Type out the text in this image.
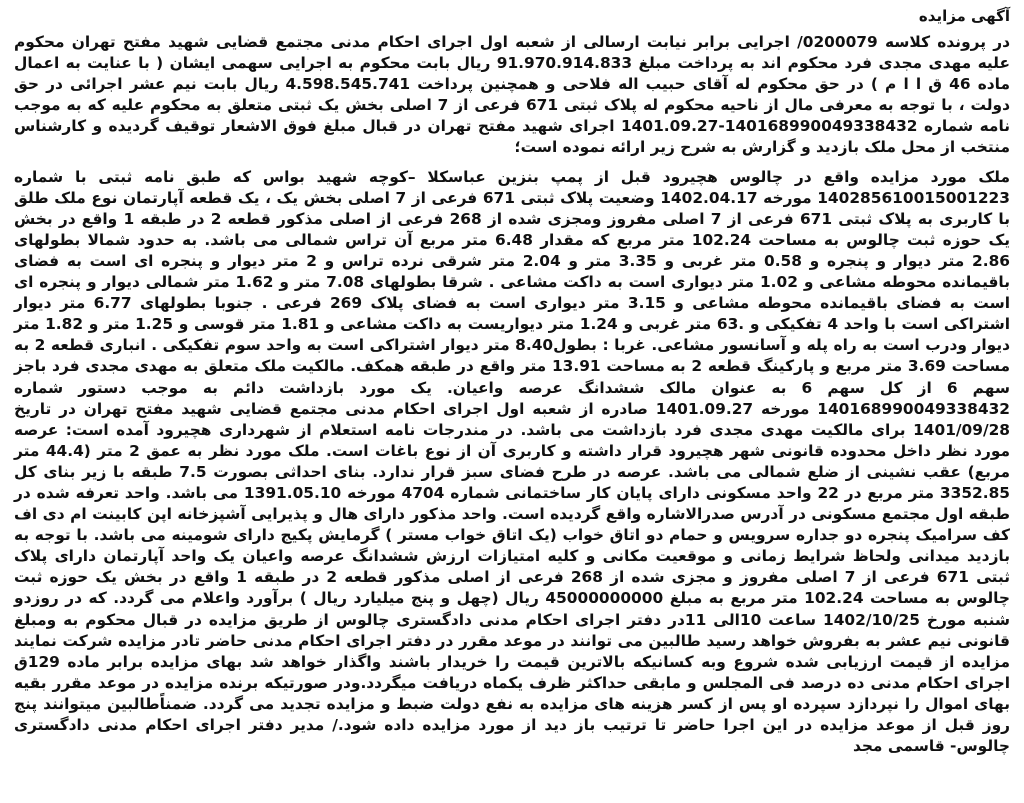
آگهی مزایده

در پرونده کلاسه 0200079/ اجرایی برابر نیابت ارسالی از شعبه اول اجرای احکام مدنی مجتمع قضایی شهید مفتح تهران محکوم علیه مهدی مجدی فرد محکوم اند به پرداخت مبلغ 91.970.914.833 ریال بابت محکوم به اجرایی سهمی ایشان ( با عنایت به اعمال ماده 46 ق ا ا م ) در حق محکوم له آقای حبیب اله فلاحی و همچنین پرداخت 4.598.545.741 ریال بابت نیم عشر اجرائی در حق دولت ، با توجه به معرفی مال از ناحیه محکوم له پلاک ثبتی 671 فرعی از 7 اصلی بخش یک ثبتی متعلق به محکوم علیه که به موجب نامه شماره 140168990049338432-1401.09.27 اجرای شهید مفتح تهران در قبال مبلغ فوق الاشعار توقیف گردیده و کارشناس منتخب از محل ملک بازدید و گزارش به شرح زیر ارائه نموده است؛

ملک مورد مزایده واقع در چالوس هچیرود قبل از پمپ بنزین عباسکلا –کوچه شهید بواس که طبق نامه ثبتی با شماره 140285610015001223 مورخه 1402.04.17 وضعیت پلاک ثبتی 671 فرعی از 7 اصلی بخش یک ، یک قطعه آپارتمان نوع ملک طلق با کاربری به پلاک ثبتی 671 فرعی از 7 اصلی مفروز ومجزی شده از 268 فرعی از اصلی مذکور قطعه 2 در طبقه 1 واقع در بخش یک حوزه ثبت چالوس به مساحت 102.24 متر مربع که مقدار 6.48 متر مربع آن تراس شمالی می باشد. به حدود شمالا بطولهای 2.86 متر دیوار و پنجره و 0.58 متر غربی و 3.35 متر و 2.04 متر شرقی نرده تراس و 2 متر دیوار و پنجره ای است به فضای باقیمانده محوطه مشاعی و 1.02 متر دیواری است به داکت مشاعی . شرقا بطولهای 7.08 متر و 1.62 متر شمالی دیوار و پنجره ای است به فضای باقیمانده محوطه مشاعی و 3.15 متر دیواری است به فضای پلاک 269 فرعی . جنوبا بطولهای 6.77 متر دیوار اشتراکی است با واحد 4 تفکیکی و .63 متر غربی و 1.24 متر دیواریست به داکت مشاعی و 1.81 متر قوسی و 1.25 متر و 1.82 متر دیوار ودرب است به راه پله و آسانسور مشاعی. غربا : بطول8.40 متر دیوار اشتراکی است به واحد سوم تفکیکی . انباری قطعه 2 به مساحت 3.69 متر مربع و پارکینگ قطعه 2 به مساحت 13.91 متر واقع در طبقه همکف. مالکیت ملک متعلق به مهدی مجدی فرد باجز سهم 6 از کل سهم 6 به عنوان مالک ششدانگ عرصه واعیان. یک مورد بازداشت دائم به موجب دستور شماره 140168990049338432 مورخه 1401.09.27 صادره از شعبه اول اجرای احکام مدنی مجتمع قضایی شهید مفتح تهران در تاریخ 1401/09/28 برای مالکیت مهدی مجدی فرد بازداشت می باشد. در مندرجات نامه استعلام از شهرداری هچیرود آمده است: عرصه مورد نظر داخل محدوده قانونی شهر هچیرود قرار داشته و کاربری آن از نوع باغات است. ملک مورد نظر به عمق 2 متر (44.4 متر مربع) عقب نشینی از ضلع شمالی می باشد. عرصه در طرح فضای سبز قرار ندارد. بنای احداثی بصورت 7.5 طبقه با زیر بنای کل 3352.85 متر مربع در 22 واحد مسکونی دارای پایان کار ساختمانی شماره 4704 مورخه 1391.05.10 می باشد. واحد تعرفه شده در طبقه اول مجتمع مسکونی در آدرس صدرالاشاره واقع گردیده است. واحد مذکور دارای هال و پذیرایی آشپزخانه اپن کابینت ام دی اف کف سرامیک پنجره دو جداره سرویس و حمام دو اتاق خواب (یک اتاق خواب مستر ) گرمایش پکیج دارای شومینه می باشد. با توجه به بازدید میدانی ولحاظ شرایط زمانی و موقعیت مکانی و کلیه امتیازات ارزش ششدانگ عرصه واعیان یک واحد آپارتمان دارای پلاک ثبتی 671 فرعی از 7 اصلی مفروز و مجزی شده از 268 فرعی از اصلی مذکور قطعه 2 در طبقه 1 واقع در بخش یک حوزه ثبت چالوس به مساحت 102.24 متر مربع به مبلغ 45000000000 ریال (چهل و پنج میلیارد ریال ) برآورد واعلام می گردد. که در روزدو شنبه مورخ 1402/10/25 ساعت 10الی 11در دفتر اجرای احکام مدنی دادگستری چالوس از طریق مزایده در قبال محکوم به ومبلغ قانونی نیم عشر به بفروش خواهد رسید طالبین می توانند در موعد مقرر در دفتر اجرای احکام مدنی حاضر تادر مزایده شرکت نمایند مزایده از قیمت ارزیابی شده شروع وبه کسانیکه بالاترین قیمت را خریدار باشند واگذار خواهد شد بهای مزایده برابر ماده 129ق اجرای احکام مدنی ده درصد فی المجلس و مابقی حداکثر ظرف یکماه دریافت میگردد.ودر صورتیکه برنده مزایده در موعد مقرر بقیه بهای اموال را نپردازد سپرده او پس از کسر هزینه های مزایده به نفع دولت ضبط و مزایده تجدید می گردد. ضمناًطالبین میتوانند پنج روز قبل از موعد مزایده در این اجرا حاضر تا ترتیب باز دید از مورد مزایده داده شود./ مدیر دفتر اجرای احکام مدنی دادگستری چالوس- قاسمی مجد
